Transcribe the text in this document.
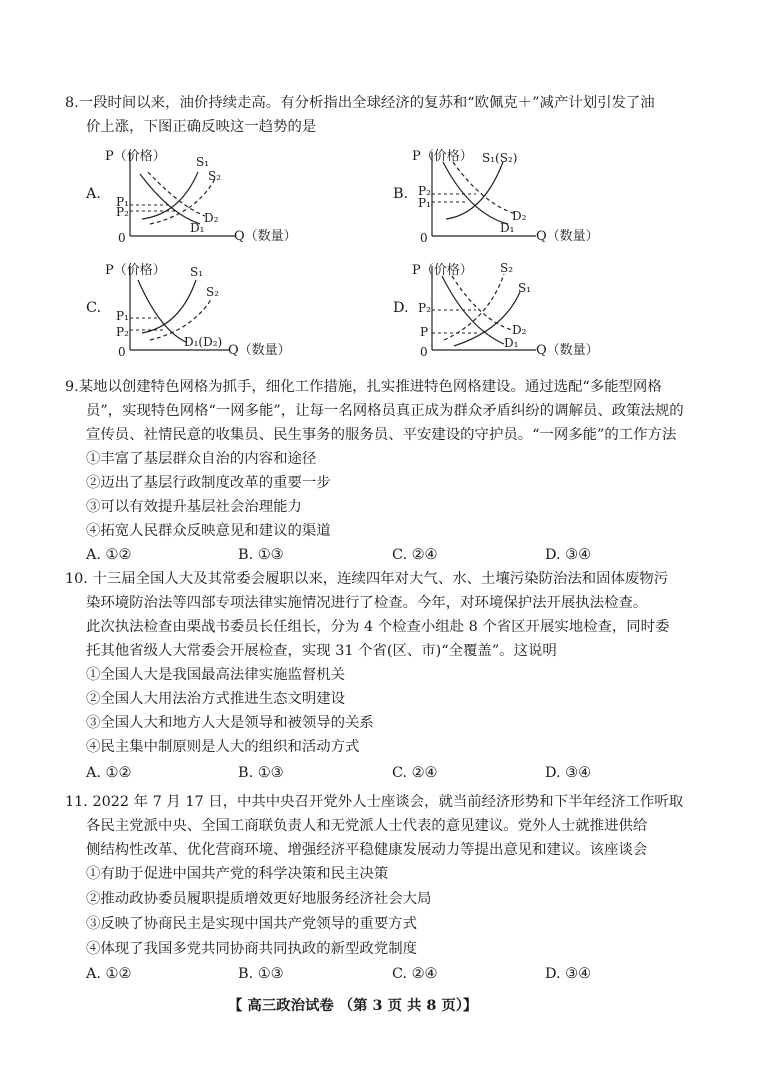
8.一段时间以来，油价持续走高。有分析指出全球经济的复苏和“欧佩克＋”减产计划引发了油
价上涨，下图正确反映这一趋势的是
A.
P（价格）
Q（数量）
0
S₁
S₂
D₂
D₁
P₁
P₂
B.
P（价格）
Q（数量）
0
S₁(S₂)
D₂
D₁
P₂
P₁
C.
P（价格）
Q（数量）
0
S₁
S₂
D₁(D₂)
P₁
P₂
D.
P（价格）
Q（数量）
0
S₂
S₁
D₂
D₁
P₂
P
9.某地以创建特色网格为抓手，细化工作措施，扎实推进特色网格建设。通过选配“多能型网格
员”，实现特色网格“一网多能”，让每一名网格员真正成为群众矛盾纠纷的调解员、政策法规的
宣传员、社情民意的收集员、民生事务的服务员、平安建设的守护员。“一网多能”的工作方法
①丰富了基层群众自治的内容和途径
②迈出了基层行政制度改革的重要一步
③可以有效提升基层社会治理能力
④拓宽人民群众反映意见和建议的渠道
A. ①②	B. ①③	C. ②④	D. ③④
10. 十三届全国人大及其常委会履职以来，连续四年对大气、水、土壤污染防治法和固体废物污
染环境防治法等四部专项法律实施情况进行了检查。今年，对环境保护法开展执法检查。
此次执法检查由栗战书委员长任组长，分为 4 个检查小组赴 8 个省区开展实地检查，同时委
托其他省级人大常委会开展检查，实现 31 个省(区、市)“全覆盖”。这说明
①全国人大是我国最高法律实施监督机关
②全国人大用法治方式推进生态文明建设
③全国人大和地方人大是领导和被领导的关系
④民主集中制原则是人大的组织和活动方式
A. ①②	B. ①③	C. ②④	D. ③④
11. 2022 年 7 月 17 日，中共中央召开党外人士座谈会，就当前经济形势和下半年经济工作听取
各民主党派中央、全国工商联负责人和无党派人士代表的意见建议。党外人士就推进供给
侧结构性改革、优化营商环境、增强经济平稳健康发展动力等提出意见和建议。该座谈会
①有助于促进中国共产党的科学决策和民主决策
②推动政协委员履职提质增效更好地服务经济社会大局
③反映了协商民主是实现中国共产党领导的重要方式
④体现了我国多党共同协商共同执政的新型政党制度
A. ①②	B. ①③	C. ②④	D. ③④
【 高三政治试卷 （第 3 页 共 8 页）】
